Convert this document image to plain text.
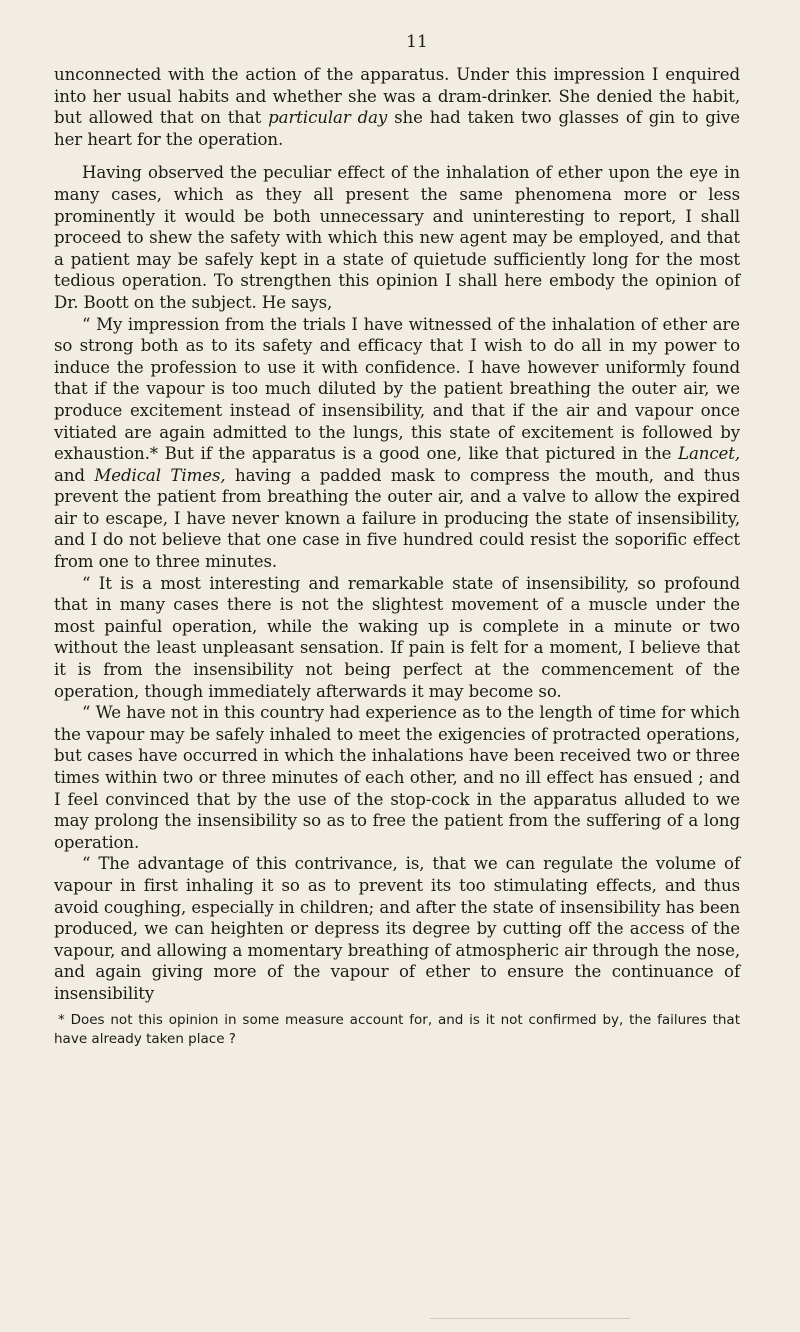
11

unconnected with the action of the apparatus. Under this impression I enquired into her usual habits and whether she was a dram-drinker. She denied the habit, but allowed that on that particular day she had taken two glasses of gin to give her heart for the operation.

Having observed the peculiar effect of the inhalation of ether upon the eye in many cases, which as they all present the same phenomena more or less prominently it would be both unnecessary and uninteresting to report, I shall proceed to shew the safety with which this new agent may be employed, and that a patient may be safely kept in a state of quietude sufficiently long for the most tedious operation. To strengthen this opinion I shall here embody the opinion of Dr. Boott on the subject. He says,

“ My impression from the trials I have witnessed of the inhalation of ether are so strong both as to its safety and efficacy that I wish to do all in my power to induce the profession to use it with confidence. I have however uniformly found that if the vapour is too much diluted by the patient breathing the outer air, we produce excitement instead of insensibility, and that if the air and vapour once vitiated are again admitted to the lungs, this state of excitement is followed by exhaustion.* But if the apparatus is a good one, like that pictured in the Lancet, and Medical Times, having a padded mask to compress the mouth, and thus prevent the patient from breathing the outer air, and a valve to allow the expired air to escape, I have never known a failure in producing the state of insensibility, and I do not believe that one case in five hundred could resist the soporific effect from one to three minutes.

“ It is a most interesting and remarkable state of insensibility, so profound that in many cases there is not the slightest movement of a muscle under the most painful operation, while the waking up is complete in a minute or two without the least unpleasant sensation. If pain is felt for a moment, I believe that it is from the insensibility not being perfect at the commencement of the operation, though immediately afterwards it may become so.

“ We have not in this country had experience as to the length of time for which the vapour may be safely inhaled to meet the exigencies of protracted operations, but cases have occurred in which the inhalations have been received two or three times within two or three minutes of each other, and no ill effect has ensued ; and I feel convinced that by the use of the stop-cock in the apparatus alluded to we may prolong the insensibility so as to free the patient from the suffering of a long operation.

“ The advantage of this contrivance, is, that we can regulate the volume of vapour in first inhaling it so as to prevent its too stimulating effects, and thus avoid coughing, especially in children; and after the state of insensibility has been produced, we can heighten or depress its degree by cutting off the access of the vapour, and allowing a momentary breathing of atmospheric air through the nose, and again giving more of the vapour of ether to ensure the continuance of insensibility

* Does not this opinion in some measure account for, and is it not confirmed by, the failures that have already taken place ?
